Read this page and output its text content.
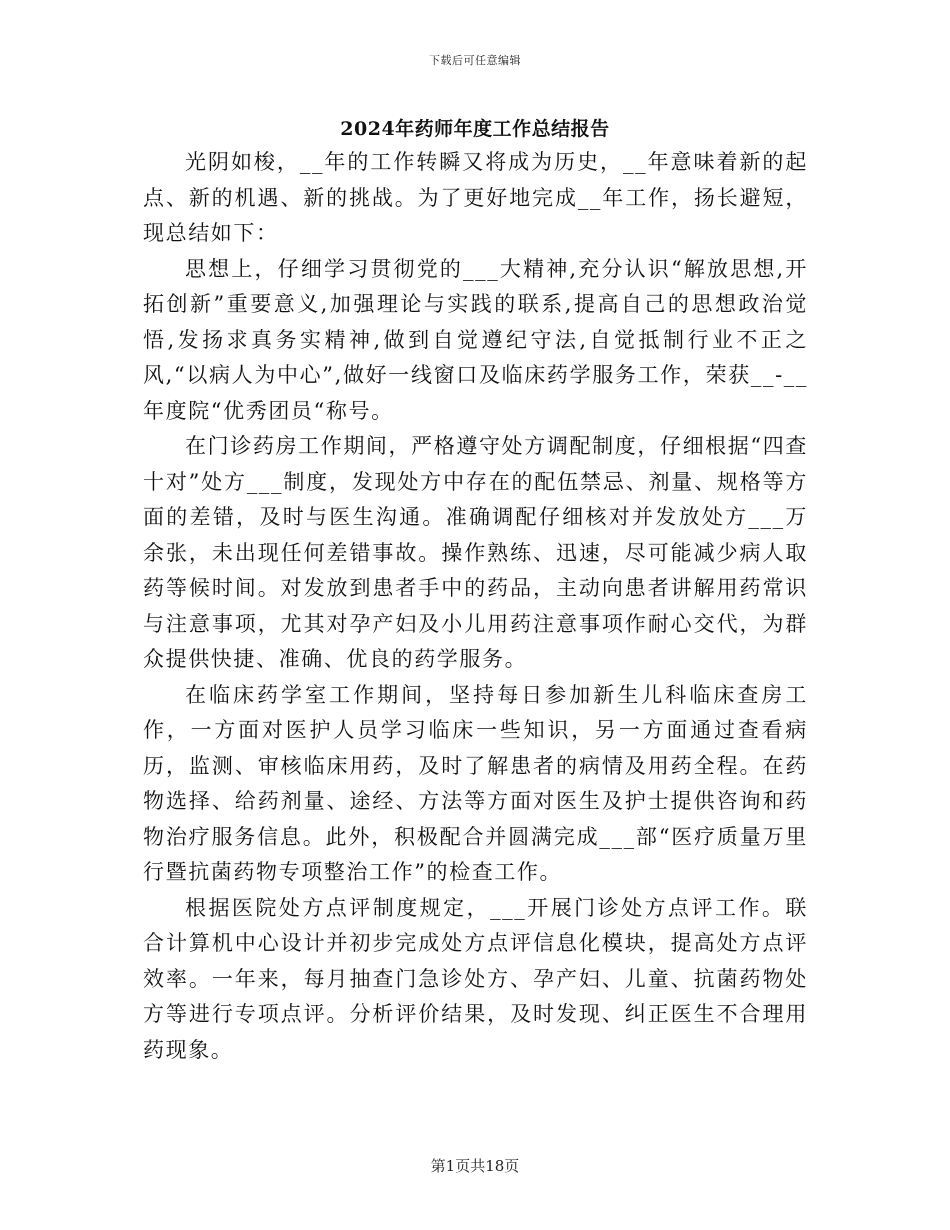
下载后可任意编辑
2024年药师年度工作总结报告

光阴如梭，__年的工作转瞬又将成为历史，__年意味着新的起点、新的机遇、新的挑战。为了更好地完成__年工作，扬长避短，现总结如下：

思想上，仔细学习贯彻党的___大精神,充分认识“解放思想,开拓创新”重要意义,加强理论与实践的联系,提高自己的思想政治觉悟,发扬求真务实精神,做到自觉遵纪守法,自觉抵制行业不正之风,“以病人为中心”,做好一线窗口及临床药学服务工作，荣获__-__年度院“优秀团员“称号。

在门诊药房工作期间，严格遵守处方调配制度，仔细根据“四查十对”处方___制度，发现处方中存在的配伍禁忌、剂量、规格等方面的差错，及时与医生沟通。准确调配仔细核对并发放处方___万余张，未出现任何差错事故。操作熟练、迅速，尽可能减少病人取药等候时间。对发放到患者手中的药品，主动向患者讲解用药常识与注意事项，尤其对孕产妇及小儿用药注意事项作耐心交代，为群众提供快捷、准确、优良的药学服务。

在临床药学室工作期间，坚持每日参加新生儿科临床查房工作，一方面对医护人员学习临床一些知识，另一方面通过查看病历，监测、审核临床用药，及时了解患者的病情及用药全程。在药物选择、给药剂量、途经、方法等方面对医生及护士提供咨询和药物治疗服务信息。此外，积极配合并圆满完成___部“医疗质量万里行暨抗菌药物专项整治工作”的检查工作。

根据医院处方点评制度规定，___开展门诊处方点评工作。联合计算机中心设计并初步完成处方点评信息化模块，提高处方点评效率。一年来，每月抽查门急诊处方、孕产妇、儿童、抗菌药物处方等进行专项点评。分析评价结果，及时发现、纠正医生不合理用药现象。

第1页共18页
